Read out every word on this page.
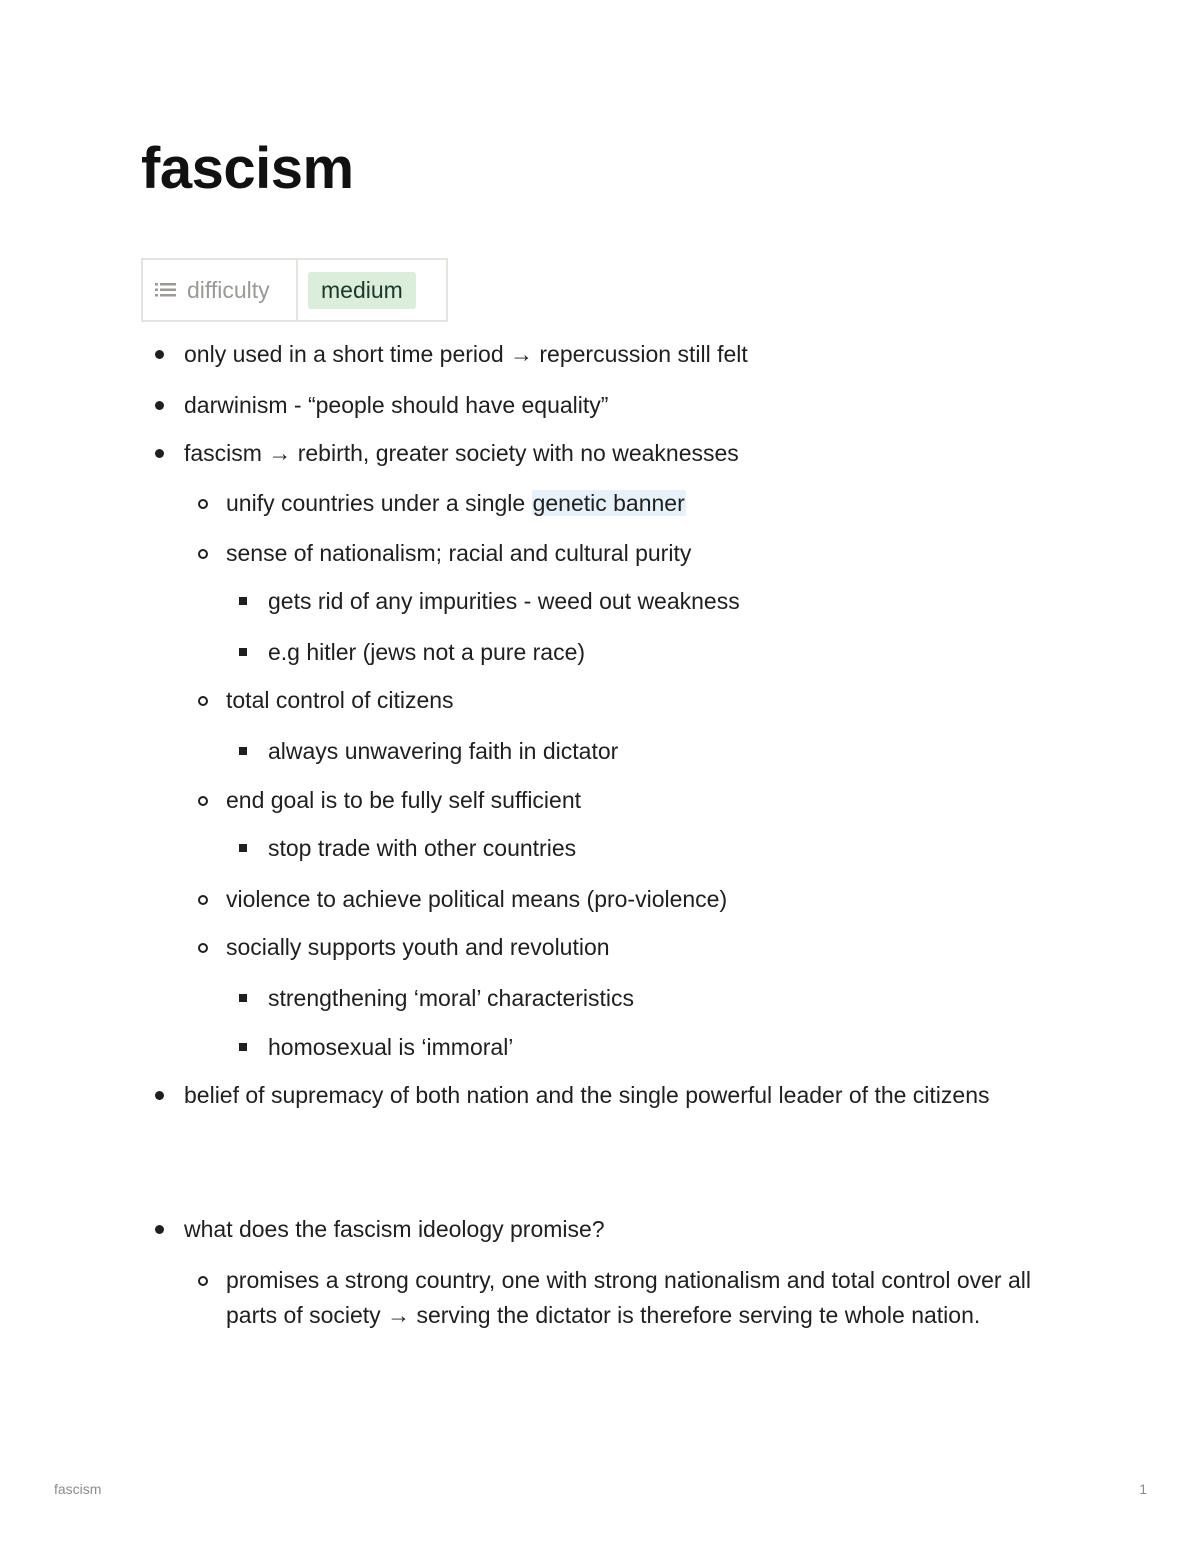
fascism
difficulty	medium
only used in a short time period → repercussion still felt
darwinism - “people should have equality”
fascism → rebirth, greater society with no weaknesses
unify countries under a single genetic banner
sense of nationalism; racial and cultural purity
gets rid of any impurities - weed out weakness
e.g hitler (jews not a pure race)
total control of citizens
always unwavering faith in dictator
end goal is to be fully self sufficient
stop trade with other countries
violence to achieve political means (pro-violence)
socially supports youth and revolution
strengthening ‘moral’ characteristics
homosexual is ‘immoral’
belief of supremacy of both nation and the single powerful leader of the citizens
what does the fascism ideology promise?
promises a strong country, one with strong nationalism and total control over all parts of society → serving the dictator is therefore serving te whole nation.
fascism	1
